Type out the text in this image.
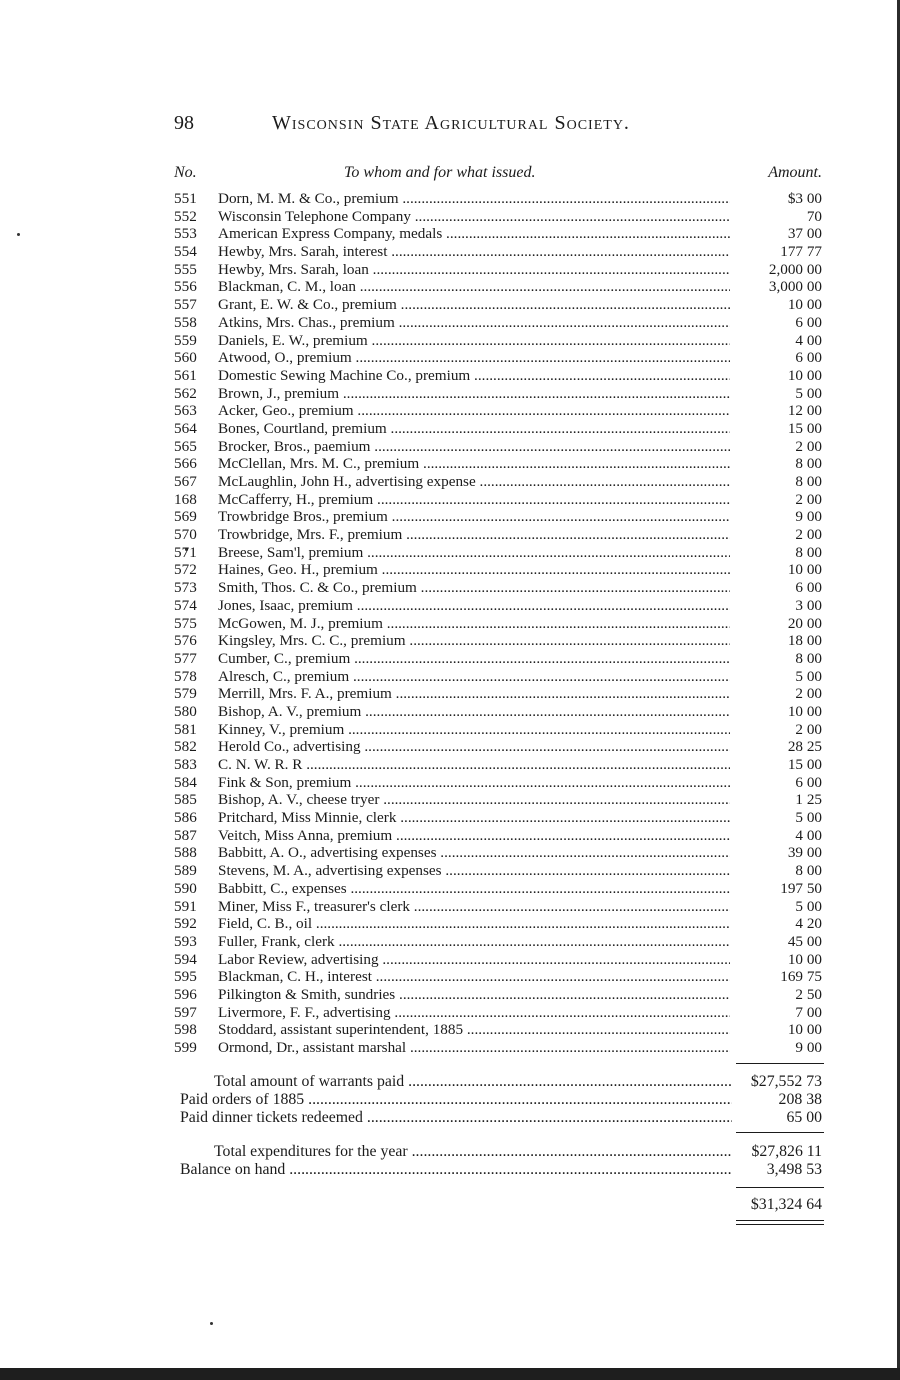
98	Wisconsin State Agricultural Society.
No.	To whom and for what issued.	Amount.
551	Dorn, M. M. & Co., premium .....	$3 00
552	Wisconsin Telephone Company .....	70
553	American Express Company, medals .....	37 00
554	Hewby, Mrs. Sarah, interest .....	177 77
555	Hewby, Mrs. Sarah, loan .....	2,000 00
556	Blackman, C. M., loan .....	3,000 00
557	Grant, E. W. & Co., premium .....	10 00
558	Atkins, Mrs. Chas., premium .....	6 00
559	Daniels, E. W., premium .....	4 00
560	Atwood, O., premium .....	6 00
561	Domestic Sewing Machine Co., premium .....	10 00
562	Brown, J., premium .....	5 00
563	Acker, Geo., premium .....	12 00
564	Bones, Courtland, premium .....	15 00
565	Brocker, Bros., paemium .....	2 00
566	McClellan, Mrs. M. C., premium .....	8 00
567	McLaughlin, John H., advertising expense .....	8 00
168	McCafferry, H., premium .....	2 00
569	Trowbridge Bros., premium .....	9 00
570	Trowbridge, Mrs. F., premium .....	2 00
571	Breese, Sam'l, premium .....	8 00
572	Haines, Geo. H., premium .....	10 00
573	Smith, Thos. C. & Co., premium .....	6 00
574	Jones, Isaac, premium .....	3 00
575	McGowen, M. J., premium .....	20 00
576	Kingsley, Mrs. C. C., premium .....	18 00
577	Cumber, C., premium .....	8 00
578	Alresch, C., premium .....	5 00
579	Merrill, Mrs. F. A., premium .....	2 00
580	Bishop, A. V., premium .....	10 00
581	Kinney, V., premium .....	2 00
582	Herold Co., advertising .....	28 25
583	C. N. W. R. R .....	15 00
584	Fink & Son, premium .....	6 00
585	Bishop, A. V., cheese tryer .....	1 25
586	Pritchard, Miss Minnie, clerk .....	5 00
587	Veitch, Miss Anna, premium .....	4 00
588	Babbitt, A. O., advertising expenses .....	39 00
589	Stevens, M. A., advertising expenses .....	8 00
590	Babbitt, C., expenses .....	197 50
591	Miner, Miss F., treasurer's clerk .....	5 00
592	Field, C. B., oil .....	4 20
593	Fuller, Frank, clerk .....	45 00
594	Labor Review, advertising .....	10 00
595	Blackman, C. H., interest .....	169 75
596	Pilkington & Smith, sundries .....	2 50
597	Livermore, F. F., advertising .....	7 00
598	Stoddard, assistant superintendent, 1885 .....	10 00
599	Ormond, Dr., assistant marshal .....	9 00
Total amount of warrants paid .....	$27,552 73
Paid orders of 1885 .....	208 38
Paid dinner tickets redeemed .....	65 00
Total expenditures for the year .....	$27,826 11
Balance on hand .....	3,498 53
$31,324 64
